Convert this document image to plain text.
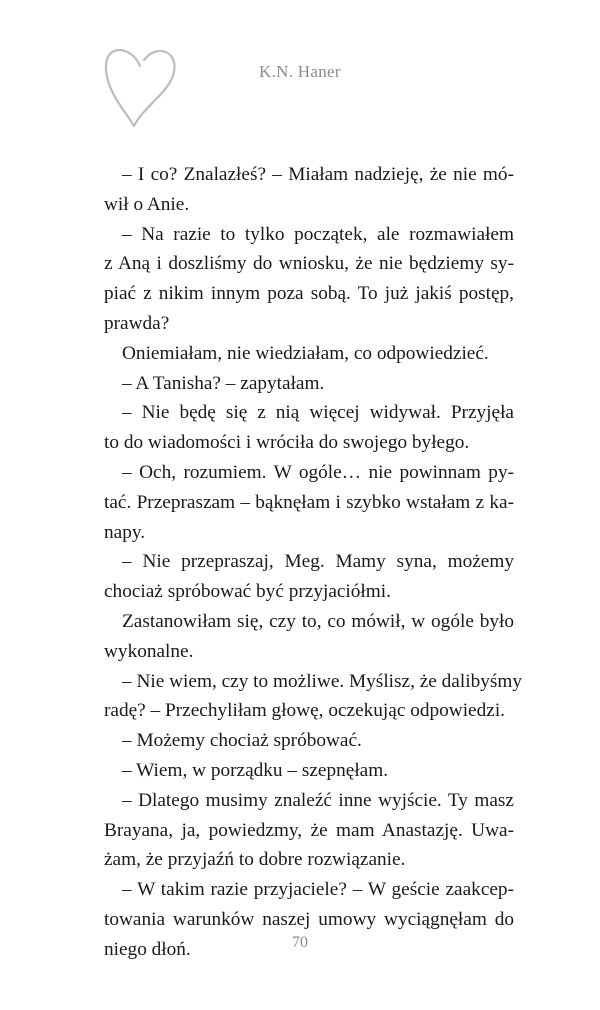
K.N. Haner
– I co? Znalazłeś? – Miałam nadzieję, że nie mó-
wił o Anie.
– Na razie to tylko początek, ale rozmawiałem
z Aną i doszliśmy do wniosku, że nie będziemy sy-
piać z nikim innym poza sobą. To już jakiś postęp,
prawda?
Oniemiałam, nie wiedziałam, co odpowiedzieć.
– A Tanisha? – zapytałam.
– Nie będę się z nią więcej widywał. Przyjęła
to do wiadomości i wróciła do swojego byłego.
– Och, rozumiem. W ogóle… nie powinnam py-
tać. Przepraszam – bąknęłam i szybko wstałam z ka-
napy.
– Nie przepraszaj, Meg. Mamy syna, możemy
chociaż spróbować być przyjaciółmi.
Zastanowiłam się, czy to, co mówił, w ogóle było
wykonalne.
– Nie wiem, czy to możliwe. Myślisz, że dalibyśmy
radę? – Przechyliłam głowę, oczekując odpowiedzi.
– Możemy chociaż spróbować.
– Wiem, w porządku – szepnęłam.
– Dlatego musimy znaleźć inne wyjście. Ty masz
Brayana, ja, powiedzmy, że mam Anastazję. Uwa-
żam, że przyjaźń to dobre rozwiązanie.
– W takim razie przyjaciele? – W geście zaakcep-
towania warunków naszej umowy wyciągnęłam do
niego dłoń.	70
